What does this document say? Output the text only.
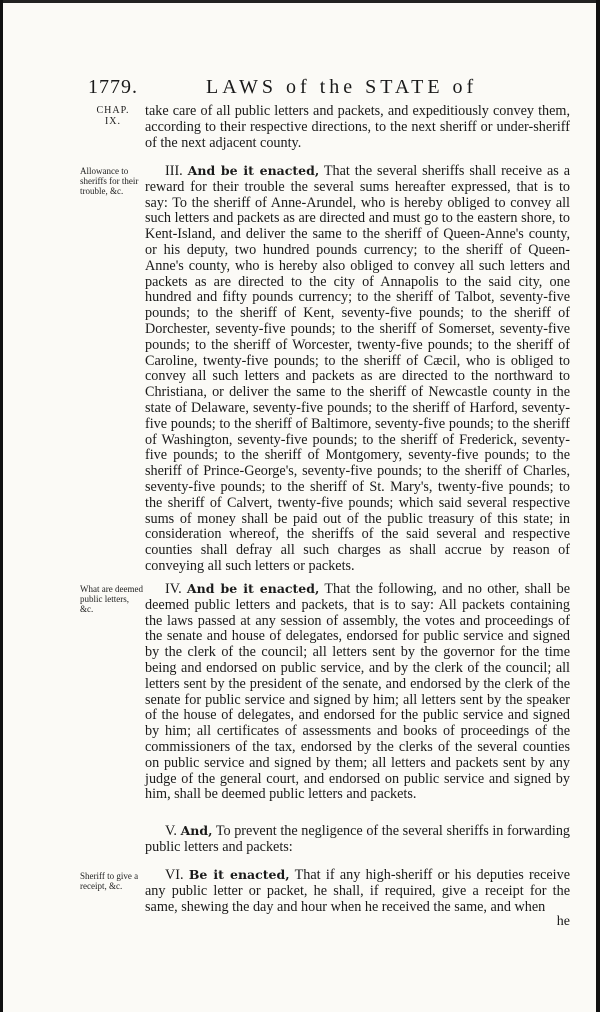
1779.	LAWS of the STATE of
CHAP. IX.
take care of all public letters and packets, and expeditiously convey them, according to their respective directions, to the next sheriff or under-sheriff of the next adjacent county.
Allowance to sheriffs for their trouble, &c.
III. And be it enacted, That the several sheriffs shall receive as a reward for their trouble the several sums hereafter expressed, that is to say: To the sheriff of Anne-Arundel, who is hereby obliged to convey all such letters and packets as are directed and must go to the eastern shore, to Kent-Island, and deliver the same to the sheriff of Queen-Anne's county, or his deputy, two hundred pounds currency; to the sheriff of Queen-Anne's county, who is hereby also obliged to convey all such letters and packets as are directed to the city of Annapolis to the said city, one hundred and fifty pounds currency; to the sheriff of Talbot, seventy-five pounds; to the sheriff of Kent, seventy-five pounds; to the sheriff of Dorchester, seventy-five pounds; to the sheriff of Somerset, seventy-five pounds; to the sheriff of Worcester, twenty-five pounds; to the sheriff of Caroline, twenty-five pounds; to the sheriff of Cæcil, who is obliged to convey all such letters and packets as are directed to the northward to Christiana, or deliver the same to the sheriff of Newcastle county in the state of Delaware, seventy-five pounds; to the sheriff of Harford, seventy-five pounds; to the sheriff of Baltimore, seventy-five pounds; to the sheriff of Washington, seventy-five pounds; to the sheriff of Frederick, seventy-five pounds; to the sheriff of Montgomery, seventy-five pounds; to the sheriff of Prince-George's, seventy-five pounds; to the sheriff of Charles, seventy-five pounds; to the sheriff of St. Mary's, twenty-five pounds; to the sheriff of Calvert, twenty-five pounds; which said several respective sums of money shall be paid out of the public treasury of this state; in consideration whereof, the sheriffs of the said several and respective counties shall defray all such charges as shall accrue by reason of conveying all such letters or packets.
What are deemed public letters, &c.
IV. And be it enacted, That the following, and no other, shall be deemed public letters and packets, that is to say: All packets containing the laws passed at any session of assembly, the votes and proceedings of the senate and house of delegates, endorsed for public service and signed by the clerk of the council; all letters sent by the governor for the time being and endorsed on public service, and by the clerk of the council; all letters sent by the president of the senate, and endorsed by the clerk of the senate for public service and signed by him; all letters sent by the speaker of the house of delegates, and endorsed for the public service and signed by him; all certificates of assessments and books of proceedings of the commissioners of the tax, endorsed by the clerks of the several counties on public service and signed by them; all letters and packets sent by any judge of the general court, and endorsed on public service and signed by him, shall be deemed public letters and packets.
V. And, To prevent the negligence of the several sheriffs in forwarding public letters and packets:
Sheriff to give a receipt, &c.
VI. Be it enacted, That if any high-sheriff or his deputies receive any public letter or packet, he shall, if required, give a receipt for the same, shewing the day and hour when he received the same, and when
he
